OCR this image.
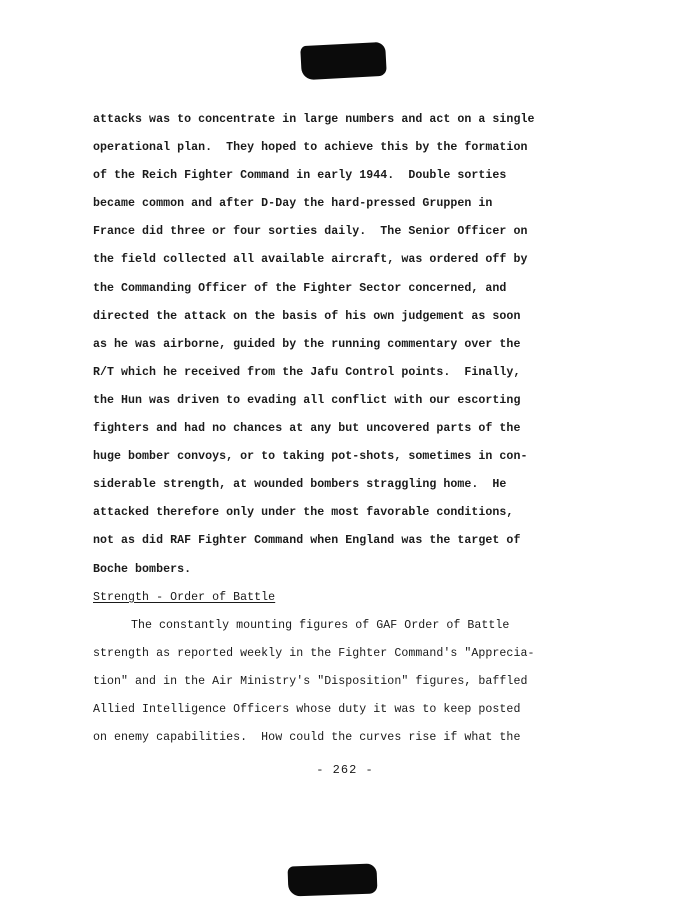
attacks was to concentrate in large numbers and act on a single
operational plan.  They hoped to achieve this by the formation
of the Reich Fighter Command in early 1944.  Double sorties
became common and after D-Day the hard-pressed Gruppen in
France did three or four sorties daily.  The Senior Officer on
the field collected all available aircraft, was ordered off by
the Commanding Officer of the Fighter Sector concerned, and
directed the attack on the basis of his own judgement as soon
as he was airborne, guided by the running commentary over the
R/T which he received from the Jafu Control points.  Finally,
the Hun was driven to evading all conflict with our escorting
fighters and had no chances at any but uncovered parts of the
huge bomber convoys, or to taking pot-shots, sometimes in con-
siderable strength, at wounded bombers straggling home.  He
attacked therefore only under the most favorable conditions,
not as did RAF Fighter Command when England was the target of
Boche bombers.
Strength - Order of Battle
The constantly mounting figures of GAF Order of Battle
strength as reported weekly in the Fighter Command's "Apprecia-
tion" and in the Air Ministry's "Disposition" figures, baffled
Allied Intelligence Officers whose duty it was to keep posted
on enemy capabilities.  How could the curves rise if what the
- 262 -
